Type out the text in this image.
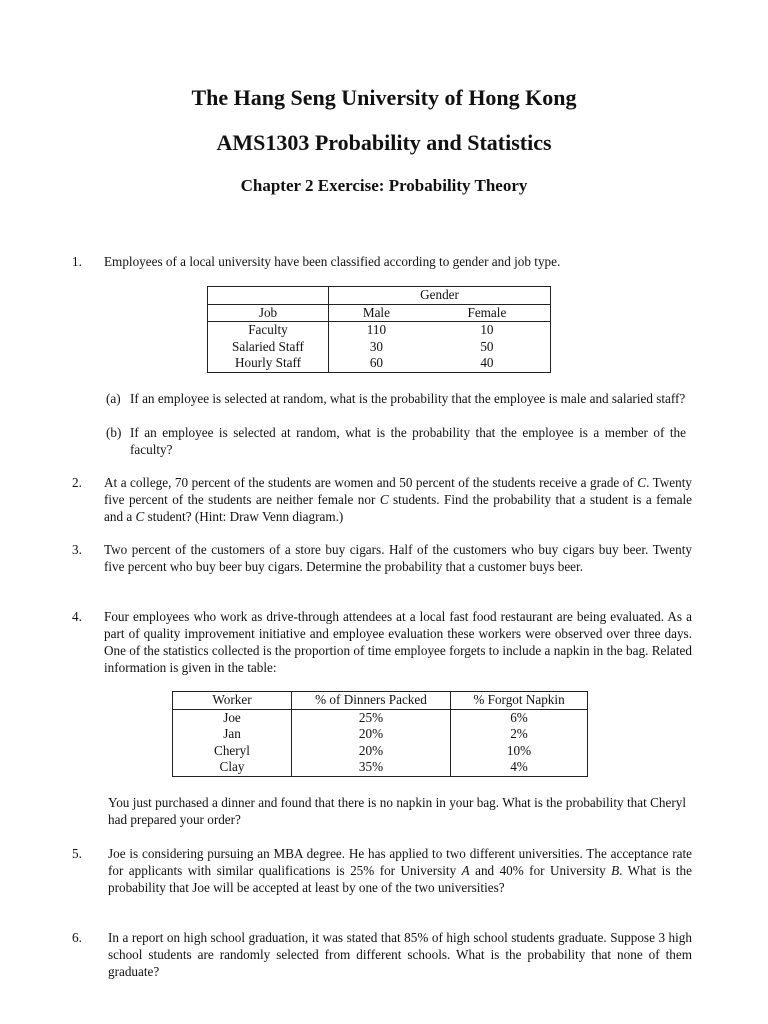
The Hang Seng University of Hong Kong
AMS1303 Probability and Statistics
Chapter 2 Exercise: Probability Theory
1. Employees of a local university have been classified according to gender and job type.
	Gender	
Job	Male	Female
Faculty	110	10
Salaried Staff	30	50
Hourly Staff	60	40
(a) If an employee is selected at random, what is the probability that the employee is male and salaried staff?
(b) If an employee is selected at random, what is the probability that the employee is a member of the faculty?
2. At a college, 70 percent of the students are women and 50 percent of the students receive a grade of C. Twenty five percent of the students are neither female nor C students. Find the probability that a student is a female and a C student? (Hint: Draw Venn diagram.)
3. Two percent of the customers of a store buy cigars. Half of the customers who buy cigars buy beer. Twenty five percent who buy beer buy cigars. Determine the probability that a customer buys beer.
4. Four employees who work as drive-through attendees at a local fast food restaurant are being evaluated. As a part of quality improvement initiative and employee evaluation these workers were observed over three days. One of the statistics collected is the proportion of time employee forgets to include a napkin in the bag. Related information is given in the table:
Worker	% of Dinners Packed	% Forgot Napkin
Joe	25%	6%
Jan	20%	2%
Cheryl	20%	10%
Clay	35%	4%
You just purchased a dinner and found that there is no napkin in your bag. What is the probability that Cheryl had prepared your order?
5. Joe is considering pursuing an MBA degree. He has applied to two different universities. The acceptance rate for applicants with similar qualifications is 25% for University A and 40% for University B. What is the probability that Joe will be accepted at least by one of the two universities?
6. In a report on high school graduation, it was stated that 85% of high school students graduate. Suppose 3 high school students are randomly selected from different schools. What is the probability that none of them graduate?
